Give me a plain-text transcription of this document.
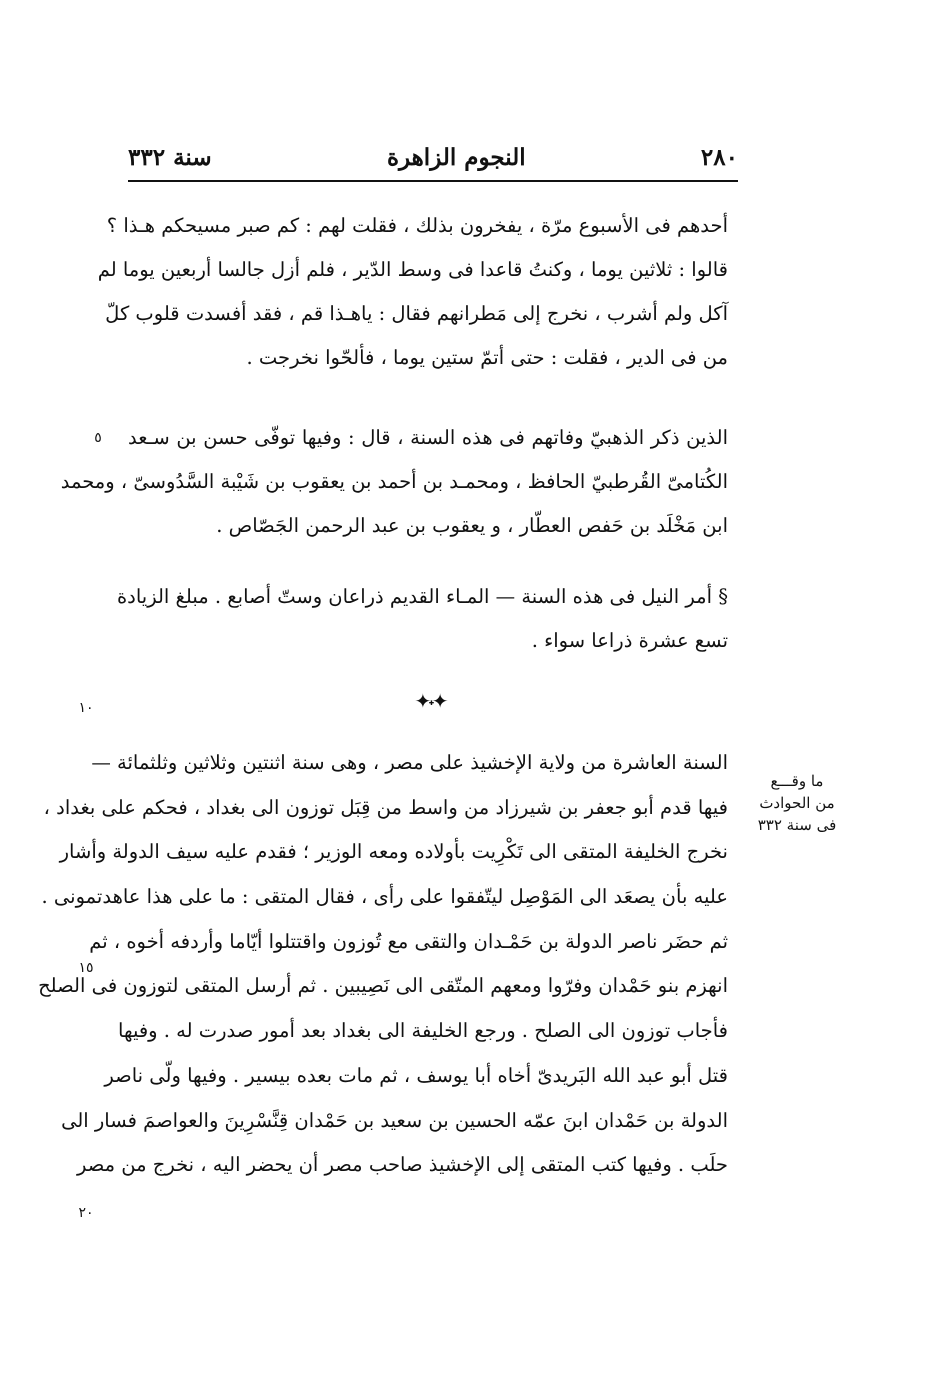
سنة ٣٣٢	النجوم الزاهرة	٢٨٠
أحدهم فى الأسبوع مرّة ، يفخرون بذلك ، فقلت لهم : كم صبر مسيحكم هـذا ؟
قالوا : ثلاثين يوما ، وكنتُ قاعدا فى وسط الدّير ، فلم أزل جالسا أربعين يوما لم
آكل ولم أشرب ، نخرج إلى مَطرانهم فقال : ياهـذا قم ، فقد أفسدت قلوب كلّ
من فى الدير ، فقلت : حتى أتمّ ستين يوما ، فألحّوا نخرجت .
الذين ذكر الذهبيّ وفاتهم فى هذه السنة ، قال : وفيها توفّى حسن بن سـعد
الكُتامىّ القُرطبيّ الحافظ ، ومحمـد بن أحمد بن يعقوب بن شَيْبة السَّدُوسىّ ، ومحمد
ابن مَخْلَد بن حَفص العطّار ، و يعقوب بن عبد الرحمن الجَصّاص .
§ أمر النيل فى هذه السنة — المـاء القديم ذراعان وستّ أصابع . مبلغ الزيادة
تسع عشرة ذراعا سواء .
✦˖✦
السنة العاشرة من ولاية الإخشيذ على مصر ، وهى سنة اثنتين وثلاثين وثلثمائة —
فيها قدم أبو جعفر بن شيرزاد من واسط من قِبَل توزون الى بغداد ، فحكم على بغداد ،
نخرج الخليفة المتقى الى تَكْرِيت بأولاده ومعه الوزير ؛ فقدم عليه سيف الدولة وأشار
عليه بأن يصعَد الى المَوْصِل ليتّفقوا على رأى ، فقال المتقى : ما على هذا عاهدتمونى .
ثم حضَر ناصر الدولة بن حَمْـدان والتقى مع تُوزون واقتتلوا أيّاما وأردفه أخوه ، ثم
انهزم بنو حَمْدان وفرّوا ومعهم المتّقى الى نَصِيبين . ثم أرسل المتقى لتوزون فى الصلح
فأجاب توزون الى الصلح . ورجع الخليفة الى بغداد بعد أمور صدرت له . وفيها
قتل أبو عبد الله البَريدىّ أخاه أبا يوسف ، ثم مات بعده بيسير . وفيها ولّى ناصر
الدولة بن حَمْدان ابنَ عمّه الحسين بن سعيد بن حَمْدان قِنَّسْرِينَ والعواصمَ فسار الى
حلَب . وفيها كتب المتقى إلى الإخشيذ صاحب مصر أن يحضر اليه ، نخرج من مصر
ما وقـــع
من الحوادث
فى سنة ٣٣٢
٥
١٠
١٥
٢٠
